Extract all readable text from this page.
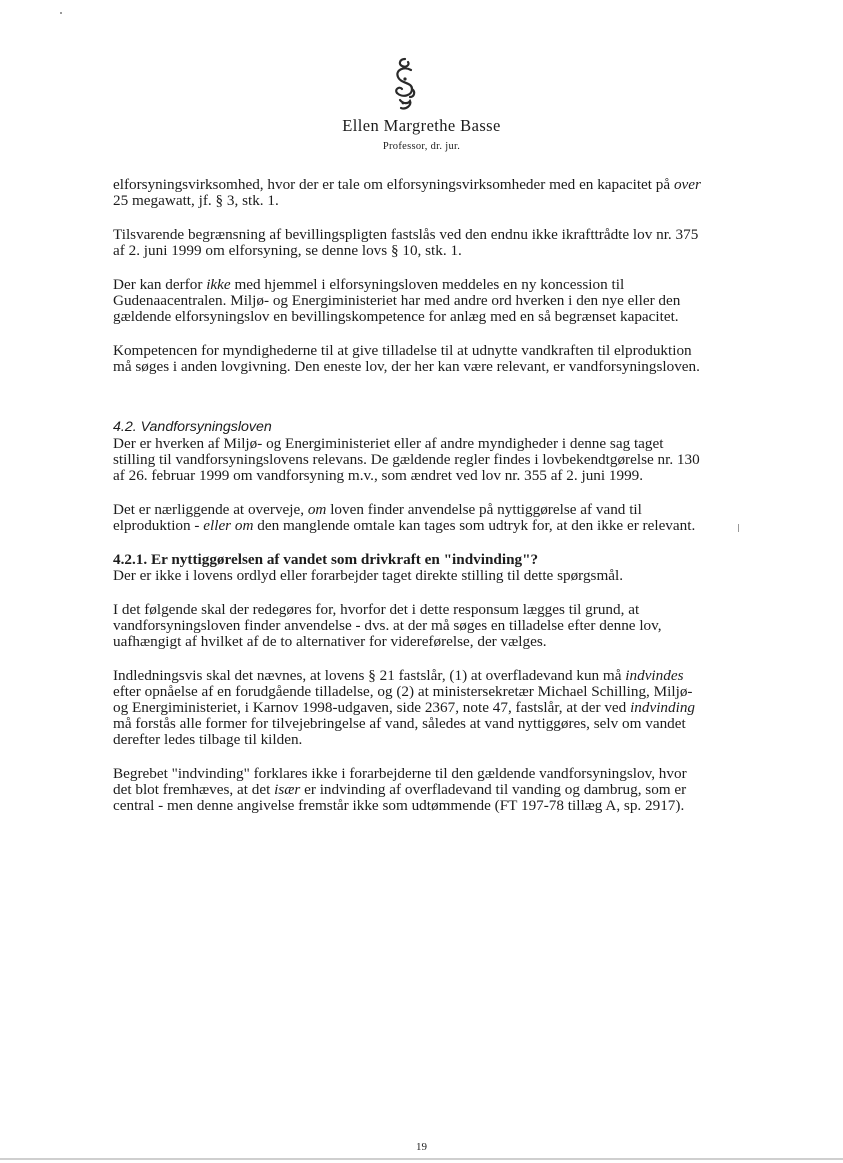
Ellen Margrethe Basse
Professor, dr. jur.

elforsyningsvirksomhed, hvor der er tale om elforsyningsvirksomheder med en kapacitet på over 25 megawatt, jf. § 3, stk. 1.

Tilsvarende begrænsning af bevillingspligten fastslås ved den endnu ikke ikrafttrådte lov nr. 375 af 2. juni 1999 om elforsyning, se denne lovs § 10, stk. 1.

Der kan derfor ikke med hjemmel i elforsyningsloven meddeles en ny koncession til Gudenaacentralen. Miljø- og Energiministeriet har med andre ord hverken i den nye eller den gældende elforsyningslov en bevillingskompetence for anlæg med en så begrænset kapacitet.

Kompetencen for myndighederne til at give tilladelse til at udnytte vandkraften til elproduktion må søges i anden lovgivning. Den eneste lov, der her kan være relevant, er vandforsyningsloven.

4.2. Vandforsyningsloven

Der er hverken af Miljø- og Energiministeriet eller af andre myndigheder i denne sag taget stilling til vandforsyningslovens relevans. De gældende regler findes i lovbekendtgørelse nr. 130 af 26. februar 1999 om vandforsyning m.v., som ændret ved lov nr. 355 af 2. juni 1999.

Det er nærliggende at overveje, om loven finder anvendelse på nyttiggørelse af vand til elproduktion - eller om den manglende omtale kan tages som udtryk for, at den ikke er relevant.

4.2.1. Er nyttiggørelsen af vandet som drivkraft en "indvinding"?

Der er ikke i lovens ordlyd eller forarbejder taget direkte stilling til dette spørgsmål.

I det følgende skal der redegøres for, hvorfor det i dette responsum lægges til grund, at vandforsyningsloven finder anvendelse - dvs. at der må søges en tilladelse efter denne lov, uafhængigt af hvilket af de to alternativer for videreførelse, der vælges.

Indledningsvis skal det nævnes, at lovens § 21 fastslår, (1) at overfladevand kun må indvindes efter opnåelse af en forudgående tilladelse, og (2) at ministersekretær Michael Schilling, Miljø- og Energiministeriet, i Karnov 1998-udgaven, side 2367, note 47, fastslår, at der ved indvinding må forstås alle former for tilvejebringelse af vand, således at vand nyttiggøres, selv om vandet derefter ledes tilbage til kilden.

Begrebet "indvinding" forklares ikke i forarbejderne til den gældende vandforsyningslov, hvor det blot fremhæves, at det især er indvinding af overfladevand til vanding og dambrug, som er central - men denne angivelse fremstår ikke som udtømmende (FT 197-78 tillæg A, sp. 2917).

19
